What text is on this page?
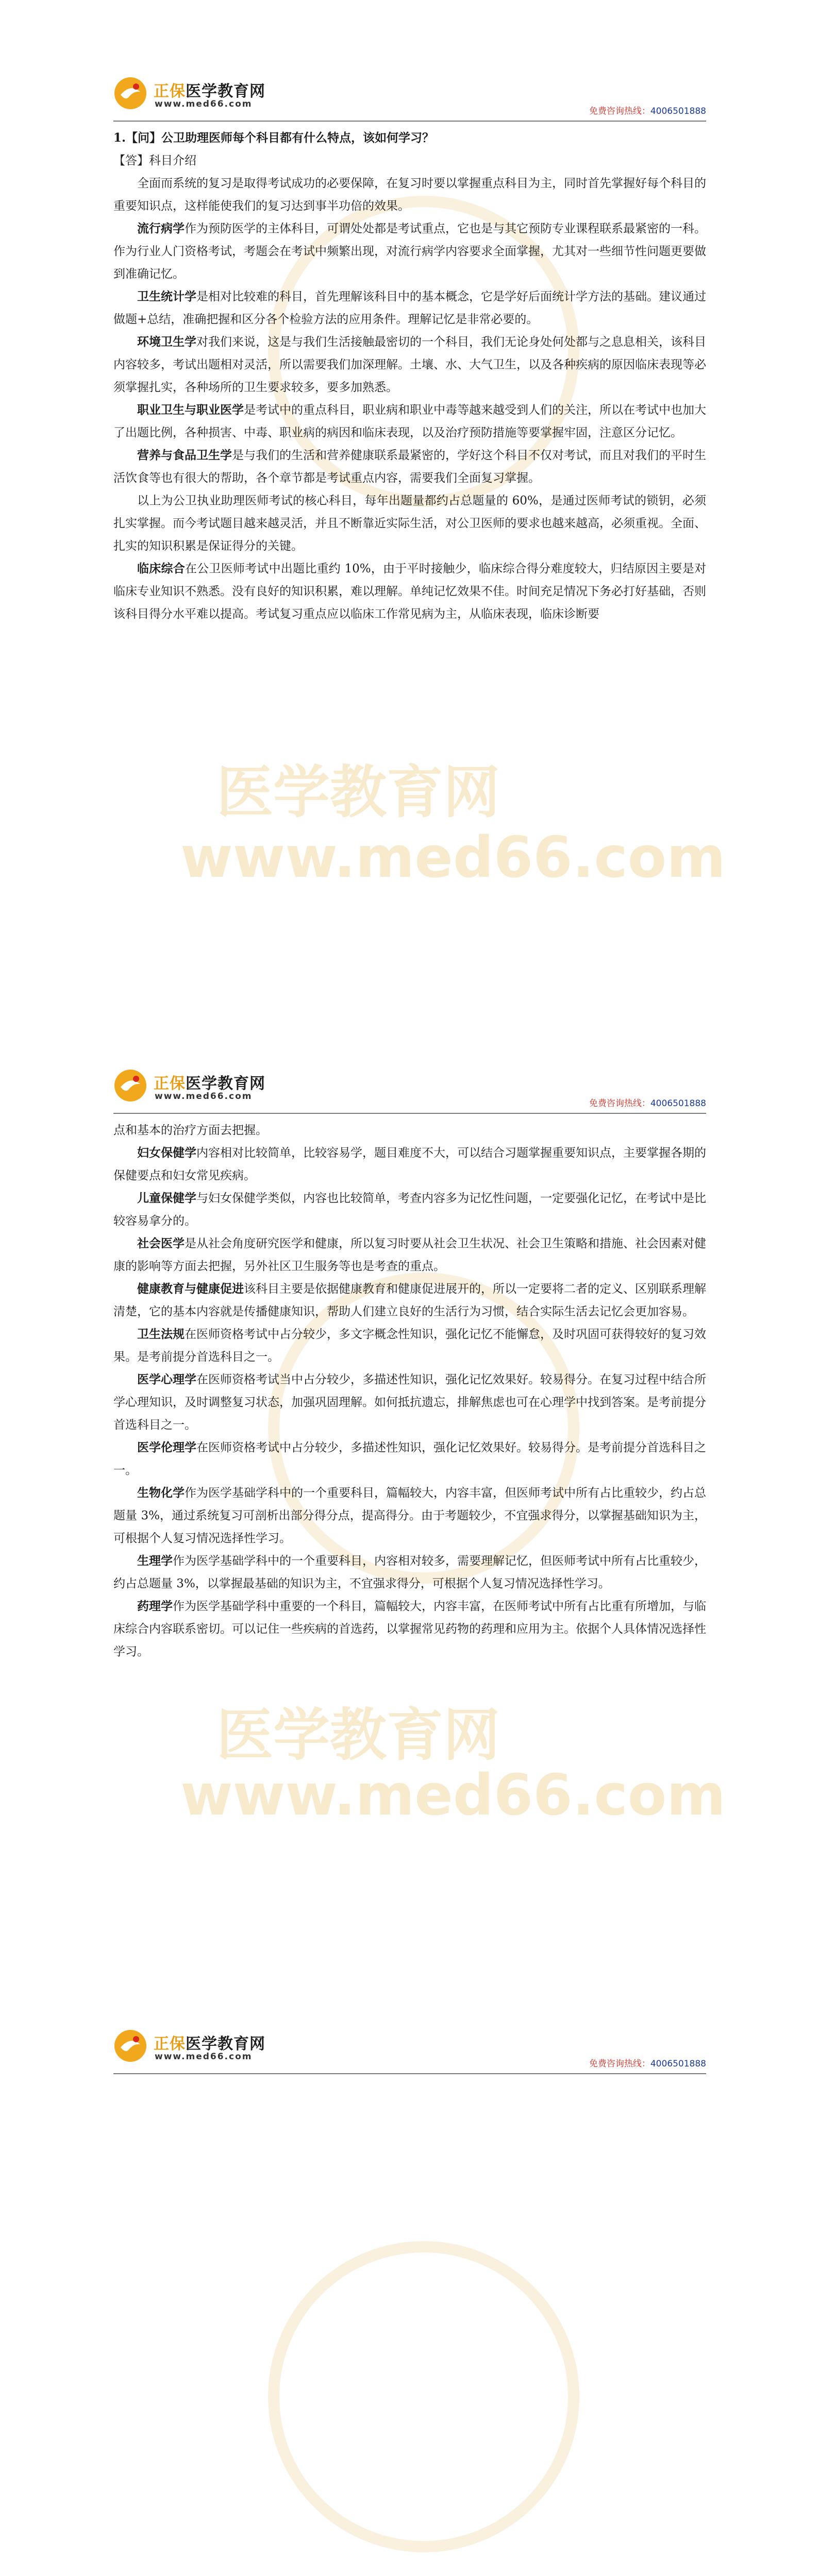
医学教育网
www.med66.com
医学教育网
www.med66.com
正保医学教育网
www.med66.com
免费咨询热线：4006501888

1.【问】公卫助理医师每个科目都有什么特点，该如何学习？

【答】科目介绍

全面而系统的复习是取得考试成功的必要保障，在复习时要以掌握重点科目为主，同时首先掌握好每个科目的重要知识点，这样能使我们的复习达到事半功倍的效果。

流行病学作为预防医学的主体科目，可谓处处都是考试重点，它也是与其它预防专业课程联系最紧密的一科。作为行业人门资格考试，考题会在考试中频繁出现，对流行病学内容要求全面掌握，尤其对一些细节性问题更要做到准确记忆。

卫生统计学是相对比较难的科目，首先理解该科目中的基本概念，它是学好后面统计学方法的基础。建议通过做题+总结，准确把握和区分各个检验方法的应用条件。理解记忆是非常必要的。

环境卫生学对我们来说，这是与我们生活接触最密切的一个科目，我们无论身处何处都与之息息相关，该科目内容较多，考试出题相对灵活，所以需要我们加深理解。土壤、水、大气卫生，以及各种疾病的原因临床表现等必须掌握扎实，各种场所的卫生要求较多，要多加熟悉。

职业卫生与职业医学是考试中的重点科目，职业病和职业中毒等越来越受到人们的关注，所以在考试中也加大了出题比例，各种损害、中毒、职业病的病因和临床表现，以及治疗预防措施等要掌握牢固，注意区分记忆。

营养与食品卫生学是与我们的生活和营养健康联系最紧密的，学好这个科目不仅对考试，而且对我们的平时生活饮食等也有很大的帮助，各个章节都是考试重点内容，需要我们全面复习掌握。

以上为公卫执业助理医师考试的核心科目，每年出题量都约占总题量的 60%，是通过医师考试的锁钥，必须扎实掌握。而今考试题目越来越灵活，并且不断靠近实际生活，对公卫医师的要求也越来越高，必须重视。全面、扎实的知识积累是保证得分的关键。

临床综合在公卫医师考试中出题比重约 10%，由于平时接触少，临床综合得分难度较大，归结原因主要是对临床专业知识不熟悉。没有良好的知识积累，难以理解。单纯记忆效果不佳。时间充足情况下务必打好基础，否则该科目得分水平难以提高。考试复习重点应以临床工作常见病为主，从临床表现，临床诊断要

正保医学教育网
www.med66.com
免费咨询热线：4006501888

点和基本的治疗方面去把握。

妇女保健学内容相对比较简单，比较容易学，题目难度不大，可以结合习题掌握重要知识点，主要掌握各期的保健要点和妇女常见疾病。

儿童保健学与妇女保健学类似，内容也比较简单，考查内容多为记忆性问题，一定要强化记忆，在考试中是比较容易拿分的。

社会医学是从社会角度研究医学和健康，所以复习时要从社会卫生状况、社会卫生策略和措施、社会因素对健康的影响等方面去把握，另外社区卫生服务等也是考查的重点。

健康教育与健康促进该科目主要是依据健康教育和健康促进展开的，所以一定要将二者的定义、区别联系理解清楚，它的基本内容就是传播健康知识，帮助人们建立良好的生活行为习惯，结合实际生活去记忆会更加容易。

卫生法规在医师资格考试中占分较少，多文字概念性知识，强化记忆不能懈怠，及时巩固可获得较好的复习效果。是考前提分首选科目之一。

医学心理学在医师资格考试当中占分较少，多描述性知识，强化记忆效果好。较易得分。在复习过程中结合所学心理知识，及时调整复习状态，加强巩固理解。如何抵抗遗忘，排解焦虑也可在心理学中找到答案。是考前提分首选科目之一。

医学伦理学在医师资格考试中占分较少，多描述性知识，强化记忆效果好。较易得分。是考前提分首选科目之一。

生物化学作为医学基础学科中的一个重要科目，篇幅较大，内容丰富，但医师考试中所有占比重较少，约占总题量 3%，通过系统复习可剖析出部分得分点，提高得分。由于考题较少，不宜强求得分，以掌握基础知识为主，可根据个人复习情况选择性学习。

生理学作为医学基础学科中的一个重要科目，内容相对较多，需要理解记忆，但医师考试中所有占比重较少，约占总题量 3%，以掌握最基础的知识为主，不宜强求得分，可根据个人复习情况选择性学习。

药理学作为医学基础学科中重要的一个科目，篇幅较大，内容丰富，在医师考试中所有占比重有所增加，与临床综合内容联系密切。可以记住一些疾病的首选药，以掌握常见药物的药理和应用为主。依据个人具体情况选择性学习。

正保医学教育网
www.med66.com
免费咨询热线：4006501888
